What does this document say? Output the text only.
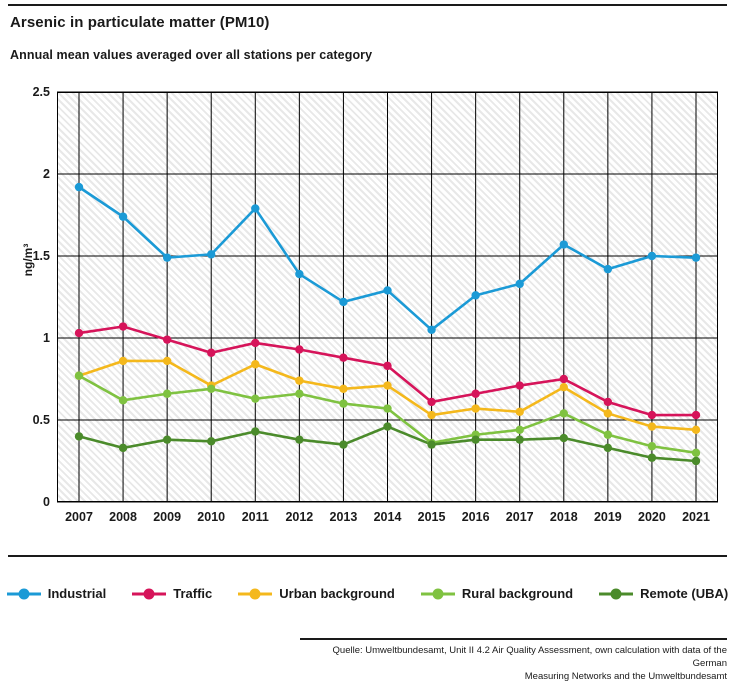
Arsenic in particulate matter (PM10)
Annual mean values averaged over all stations per category
ng/m³
0
0.5
1
1.5
2
2.5
2007 2008 2009 2010 2011 2012 2013 2014 2015 2016 2017 2018 2019 2020 2021
Industrial	Traffic	Urban background	Rural background	Remote (UBA)
Quelle: Umweltbundesamt, Unit II 4.2 Air Quality Assessment, own calculation with data of the German
Measuring Networks and the Umweltbundesamt
